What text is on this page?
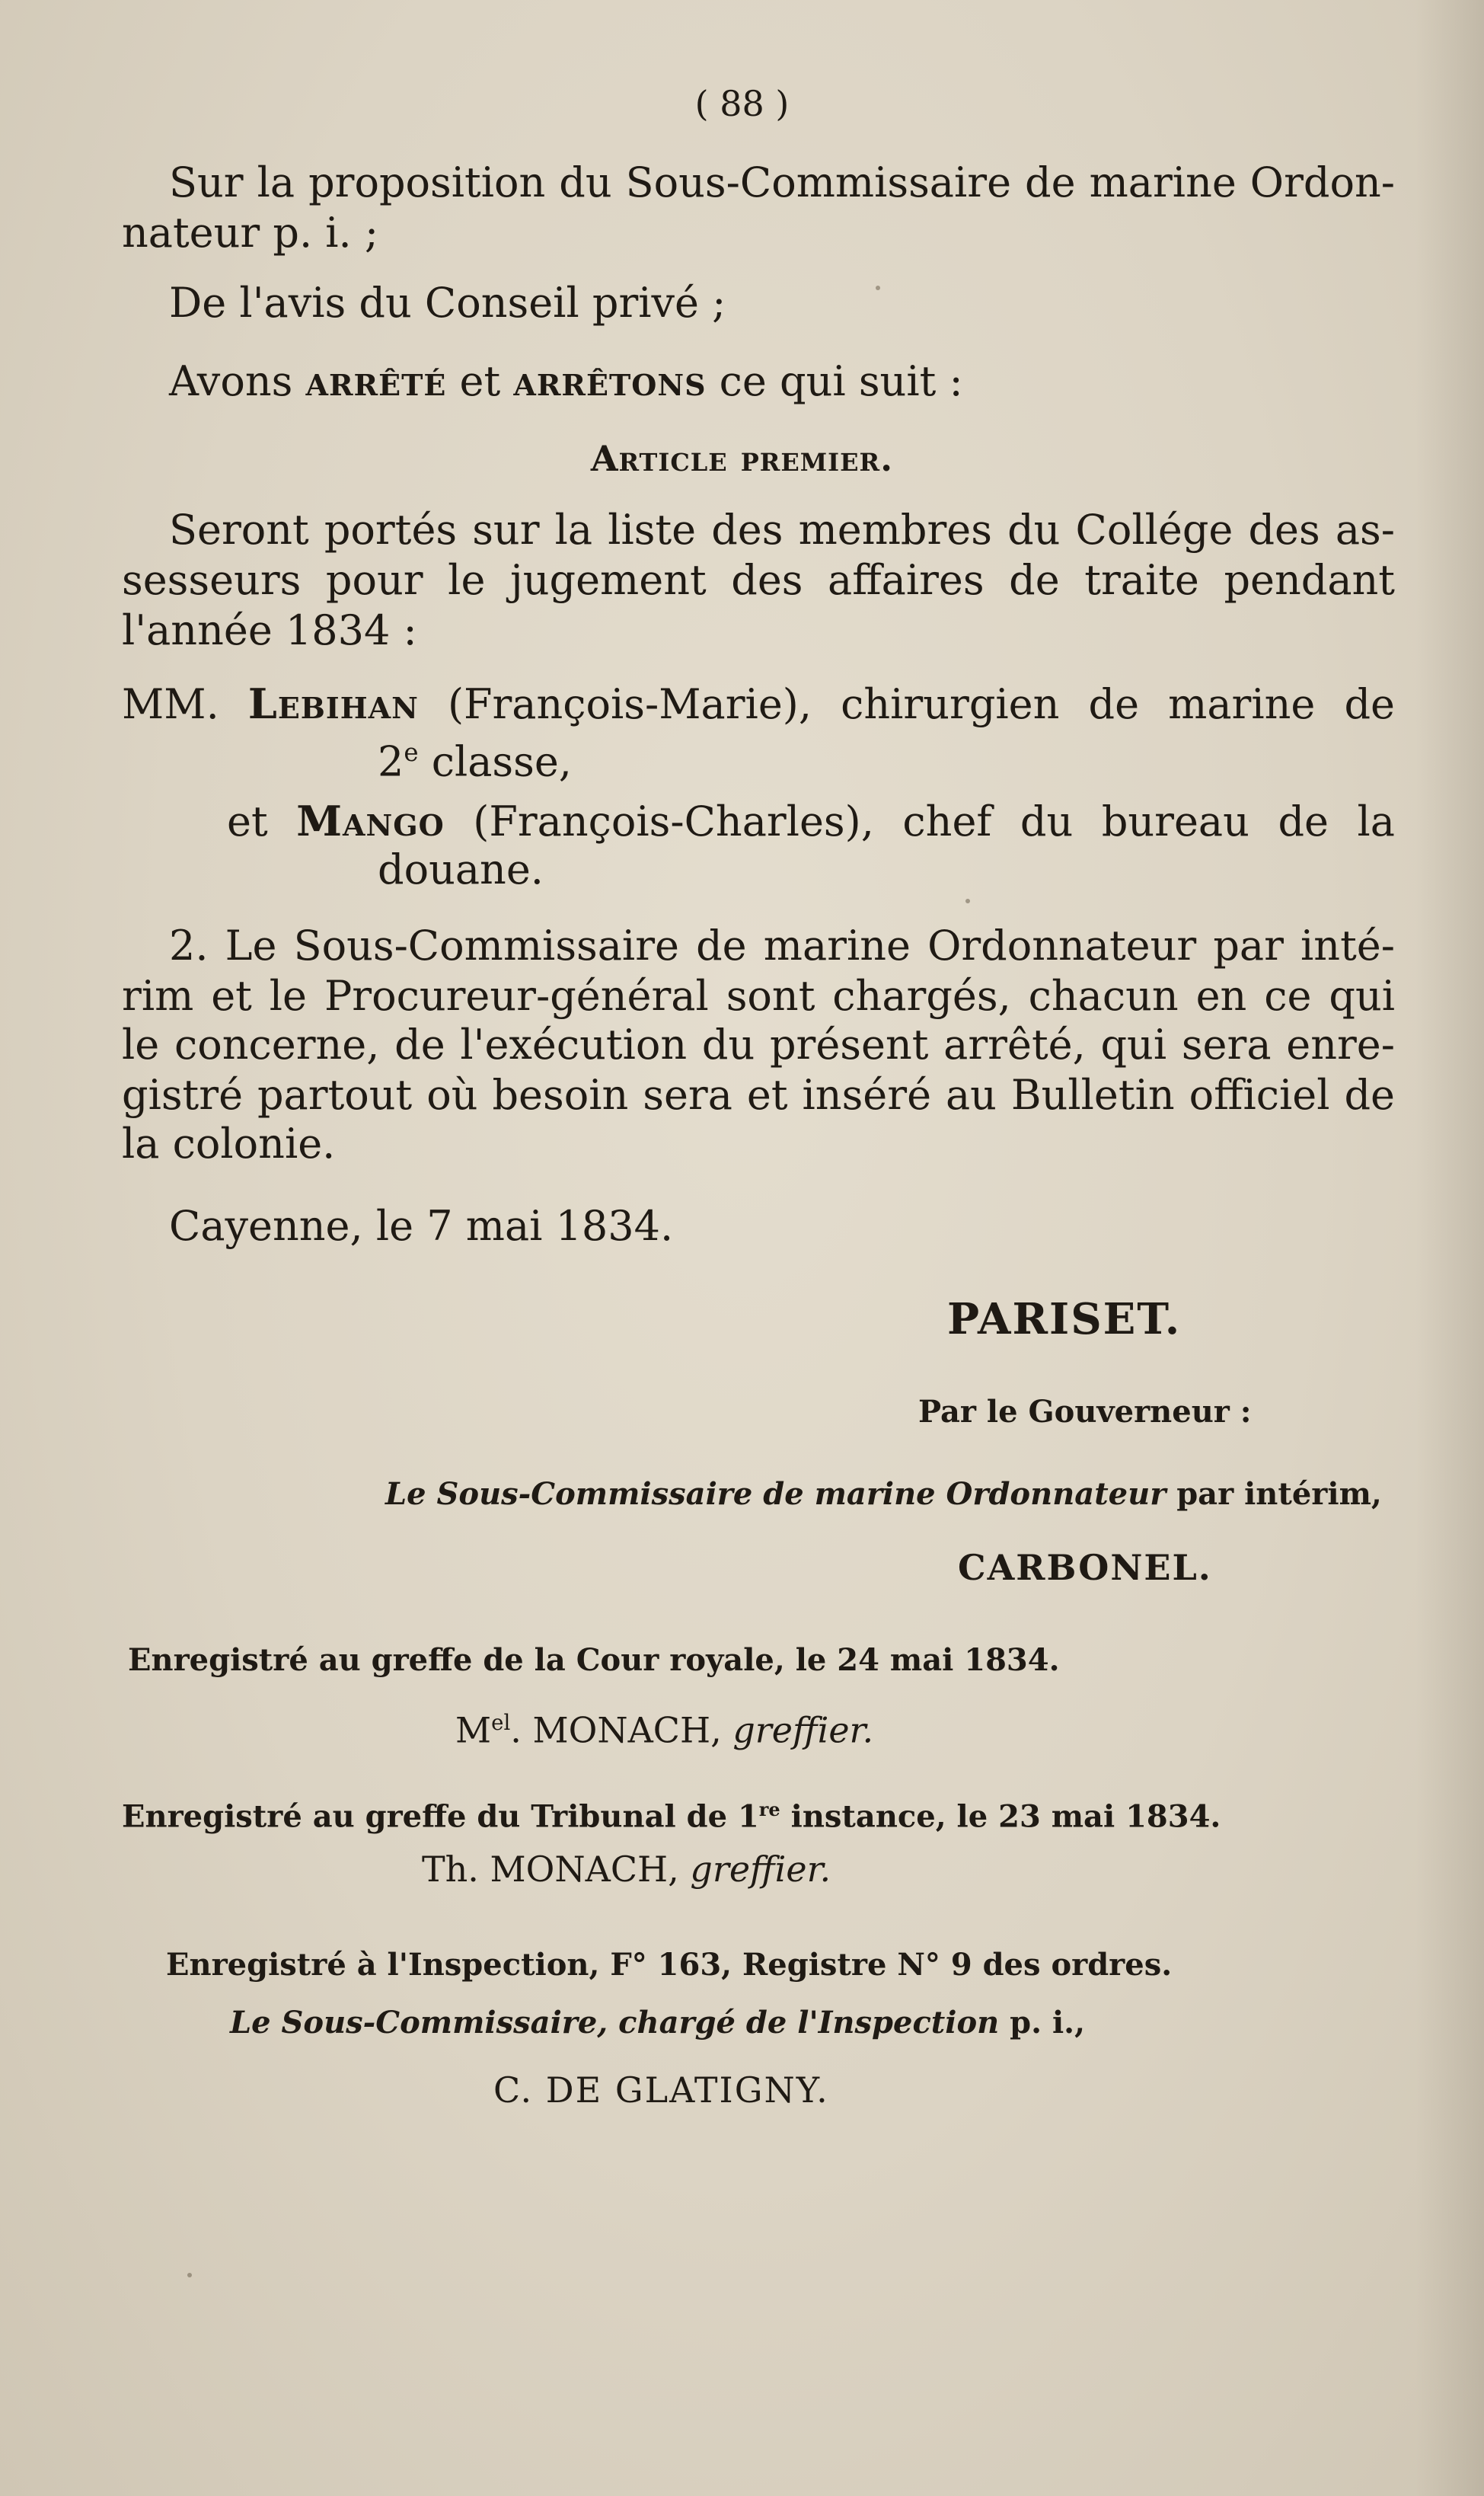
( 88 )
Sur la proposition du Sous-Commissaire de marine Ordon-
nateur p. i. ;
De l'avis du Conseil privé ;
Avons arrêté et arrêtons ce qui suit :
Article premier.
Seront portés sur la liste des membres du Collége des as-
sesseurs pour le jugement des affaires de traite pendant
l'année 1834 :
MM. Lebihan (François-Marie), chirurgien de marine de
2e classe,
et Mango (François-Charles), chef du bureau de la
douane.
2. Le Sous-Commissaire de marine Ordonnateur par inté-
rim et le Procureur-général sont chargés, chacun en ce qui
le concerne, de l'exécution du présent arrêté, qui sera enre-
gistré partout où besoin sera et inséré au Bulletin officiel de
la colonie.
Cayenne, le 7 mai 1834.
PARISET.
Par le Gouverneur :
Le Sous-Commissaire de marine Ordonnateur par intérim,
CARBONEL.
Enregistré au greffe de la Cour royale, le 24 mai 1834.
$M^{el}$. MONACH, greffier.
Enregistré au greffe du Tribunal de 1re instance, le 23 mai 1834.
Th. MONACH, greffier.
Enregistré à l'Inspection, F° 163, Registre N° 9 des ordres.
Le Sous-Commissaire, chargé de l'Inspection p. i.,
C. DE GLATIGNY.
